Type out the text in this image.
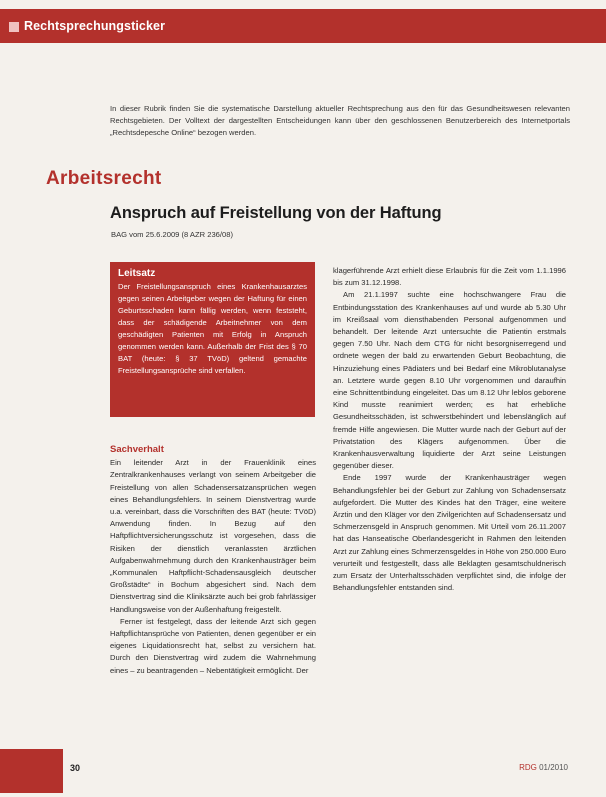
Rechtsprechungsticker
In dieser Rubrik finden Sie die systematische Darstellung aktueller Rechtsprechung aus den für das Gesundheitswesen relevanten Rechtsgebieten. Der Volltext der dargestellten Entscheidungen kann über den geschlossenen Benutzerbereich des Internetportals „Rechtsdepesche Online“ bezogen werden.
Arbeitsrecht
Anspruch auf Freistellung von der Haftung
BAG vom 25.6.2009 (8 AZR 236/08)
Leitsatz
Der Freistellungsanspruch eines Krankenhausarztes gegen seinen Arbeitgeber wegen der Haftung für einen Geburtsschaden kann fällig werden, wenn feststeht, dass der schädigende Arbeitnehmer von dem geschädigten Patienten mit Erfolg in Anspruch genommen werden kann. Außerhalb der Frist des § 70 BAT (heute: § 37 TVöD) geltend gemachte Freistellungsansprüche sind verfallen.
Sachverhalt

Ein leitender Arzt in der Frauenklinik eines Zentralkrankenhauses verlangt von seinem Arbeitgeber die Freistellung von allen Schadensersatzansprüchen wegen eines Behandlungsfehlers. In seinem Dienstvertrag wurde u.a. vereinbart, dass die Vorschriften des BAT (heute: TVöD) Anwendung finden. In Bezug auf den Haftpflichtversicherungsschutz ist vorgesehen, dass die Risiken der dienstlich veranlassten ärztlichen Aufgabenwahrnehmung durch den Krankenhausträger beim „Kommunalen Haftpflicht-Schadensausgleich deutscher Großstädte“ in Bochum abgesichert sind. Nach dem Dienstvertrag sind die Kliniksärzte auch bei grob fahrlässiger Handlungsweise von der Außenhaftung freigestellt.

Ferner ist festgelegt, dass der leitende Arzt sich gegen Haftpflichtansprüche von Patienten, denen gegenüber er ein eigenes Liquidationsrecht hat, selbst zu versichern hat. Durch den Dienstvertrag wird zudem die Wahrnehmung eines – zu beantragenden – Nebentätigkeit ermöglicht. Der

klagerführende Arzt erhielt diese Erlaubnis für die Zeit vom 1.1.1996 bis zum 31.12.1998.

Am 21.1.1997 suchte eine hochschwangere Frau die Entbindungsstation des Krankenhauses auf und wurde ab 5.30 Uhr im Kreißsaal vom diensthabenden Personal aufgenommen und behandelt. Der leitende Arzt untersuchte die Patientin erstmals gegen 7.50 Uhr. Nach dem CTG für nicht besorgniserregend und ordnete wegen der bald zu erwartenden Geburt Beobachtung, die Hinzuziehung eines Pädiaters und bei Bedarf eine Mikroblutanalyse an. Letztere wurde gegen 8.10 Uhr vorgenommen und daraufhin eine Schnittentbindung eingeleitet. Das um 8.12 Uhr leblos geborene Kind musste reanimiert werden; es hat erhebliche Gesundheitsschäden, ist schwerstbehindert und lebenslänglich auf fremde Hilfe angewiesen. Die Mutter wurde nach der Geburt auf der Privatstation des Klägers aufgenommen. Über die Krankenhausverwaltung liquidierte der Arzt seine Leistungen gegenüber dieser.

Ende 1997 wurde der Krankenhausträger wegen Behandlungsfehler bei der Geburt zur Zahlung von Schadensersatz aufgefordert. Die Mutter des Kindes hat den Träger, eine weitere Ärztin und den Kläger vor den Zivilgerichten auf Schadensersatz und Schmerzensgeld in Anspruch genommen. Mit Urteil vom 26.11.2007 hat das Hanseatische Oberlandesgericht in Rahmen den leitenden Arzt zur Zahlung eines Schmerzensgeldes in Höhe von 250.000 Euro verurteilt und festgestellt, dass alle Beklagten gesamtschuldnerisch zum Ersatz der Unterhaltsschäden verpflichtet sind, die infolge der Behandlungsfehler entstanden sind.

30	RDG 01/2010
